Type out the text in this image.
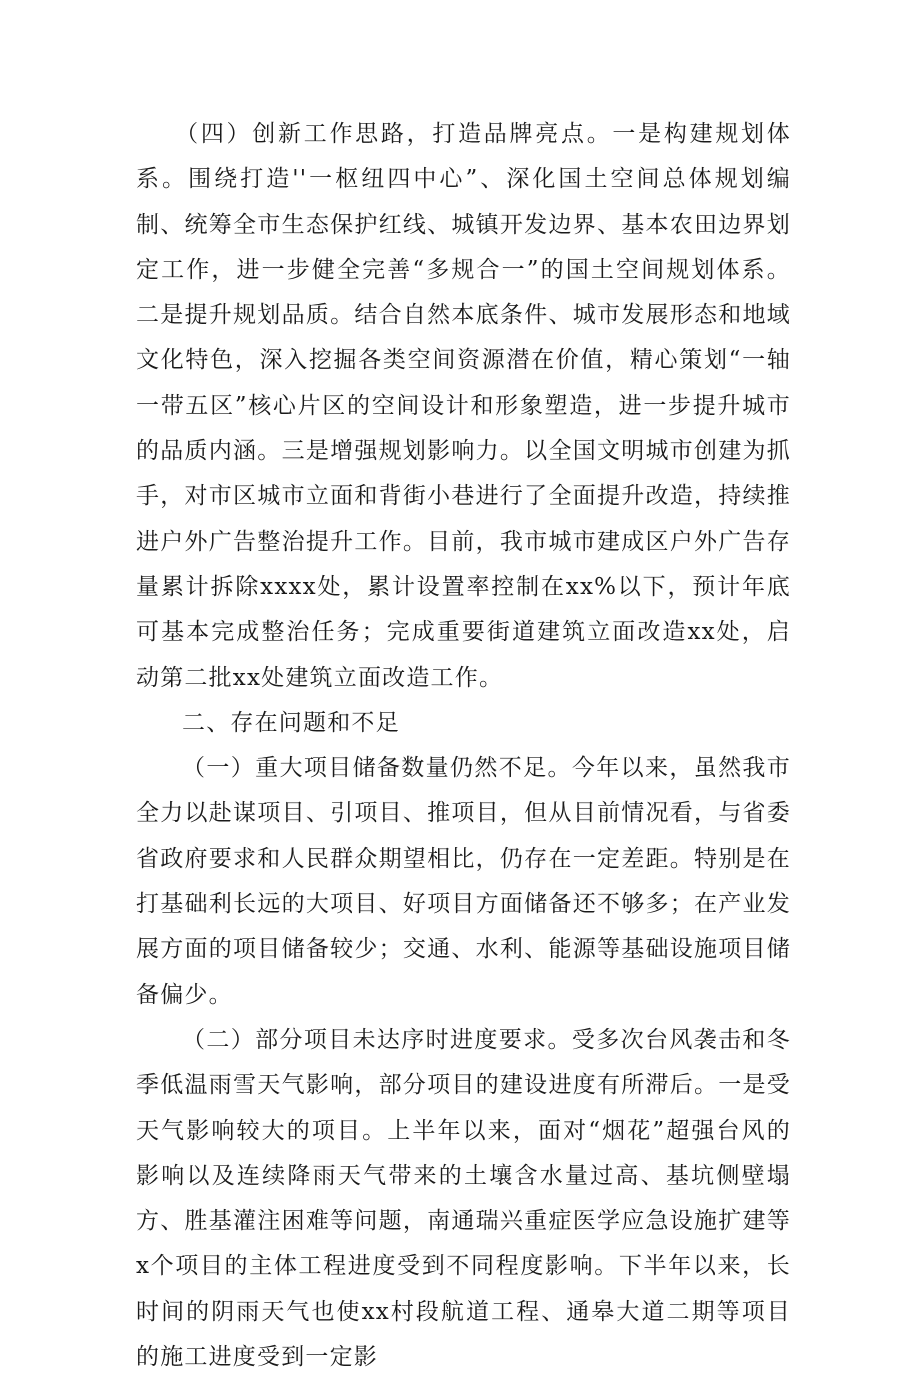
（四）创新工作思路，打造品牌亮点。一是构建规划体系。围绕打造''一枢纽四中心”、深化国土空间总体规划编制、统筹全市生态保护红线、城镇开发边界、基本农田边界划定工作，进一步健全完善“多规合一”的国土空间规划体系。二是提升规划品质。结合自然本底条件、城市发展形态和地域文化特色，深入挖掘各类空间资源潜在价值，精心策划“一轴一带五区”核心片区的空间设计和形象塑造，进一步提升城市的品质内涵。三是增强规划影响力。以全国文明城市创建为抓手，对市区城市立面和背街小巷进行了全面提升改造，持续推进户外广告整治提升工作。目前，我市城市建成区户外广告存量累计拆除xxxx处，累计设置率控制在xx%以下，预计年底可基本完成整治任务；完成重要街道建筑立面改造xx处，启动第二批xx处建筑立面改造工作。

二、存在问题和不足

（一）重大项目储备数量仍然不足。今年以来，虽然我市全力以赴谋项目、引项目、推项目，但从目前情况看，与省委省政府要求和人民群众期望相比，仍存在一定差距。特别是在打基础利长远的大项目、好项目方面储备还不够多；在产业发展方面的项目储备较少；交通、水利、能源等基础设施项目储备偏少。

（二）部分项目未达序时进度要求。受多次台风袭击和冬季低温雨雪天气影响，部分项目的建设进度有所滞后。一是受天气影响较大的项目。上半年以来，面对“烟花”超强台风的影响以及连续降雨天气带来的土壤含水量过高、基坑侧壁塌方、胜基灌注困难等问题，南通瑞兴重症医学应急设施扩建等x个项目的主体工程进度受到不同程度影响。下半年以来，长时间的阴雨天气也使xx村段航道工程、通皋大道二期等项目的施工进度受到一定影
